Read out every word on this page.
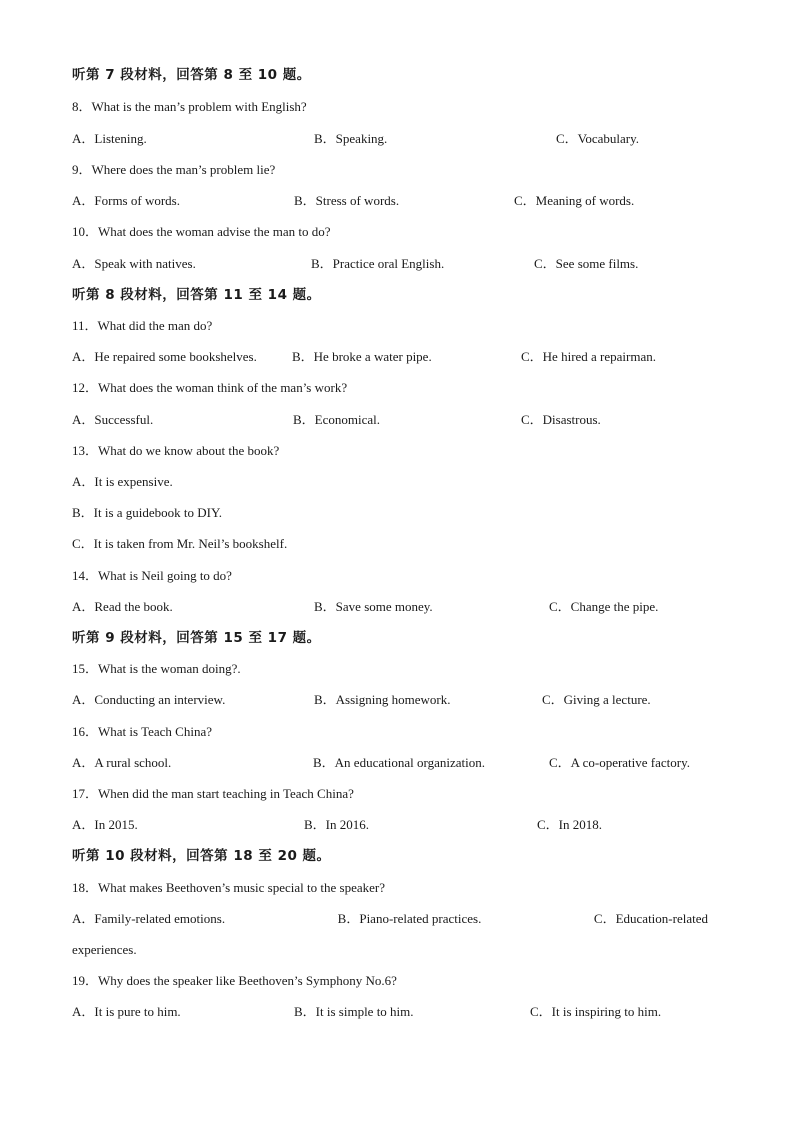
听第 7 段材料，回答第 8 至 10 题。
8．What is the man’s problem with English?
A．Listening.	B．Speaking.	C．Vocabulary.
9．Where does the man’s problem lie?
A．Forms of words.	B．Stress of words.	C．Meaning of words.
10．What does the woman advise the man to do?
A．Speak with natives.	B．Practice oral English.	C．See some films.
听第 8 段材料，回答第 11 至 14 题。
11．What did the man do?
A．He repaired some bookshelves.	B．He broke a water pipe.	C．He hired a repairman.
12．What does the woman think of the man’s work?
A．Successful.	B．Economical.	C．Disastrous.
13．What do we know about the book?
A．It is expensive.
B．It is a guidebook to DIY.
C．It is taken from Mr. Neil’s bookshelf.
14．What is Neil going to do?
A．Read the book.	B．Save some money.	C．Change the pipe.
听第 9 段材料，回答第 15 至 17 题。
15．What is the woman doing?.
A．Conducting an interview.	B．Assigning homework.	C．Giving a lecture.
16．What is Teach China?
A．A rural school.	B．An educational organization.	C．A co-operative factory.
17．When did the man start teaching in Teach China?
A．In 2015.	B．In 2016.	C．In 2018.
听第 10 段材料，回答第 18 至 20 题。
18．What makes Beethoven’s music special to the speaker?
A．Family-related emotions.	B．Piano-related practices.	C．Education-related
experiences.
19．Why does the speaker like Beethoven’s Symphony No.6?
A．It is pure to him.	B．It is simple to him.	C．It is inspiring to him.
